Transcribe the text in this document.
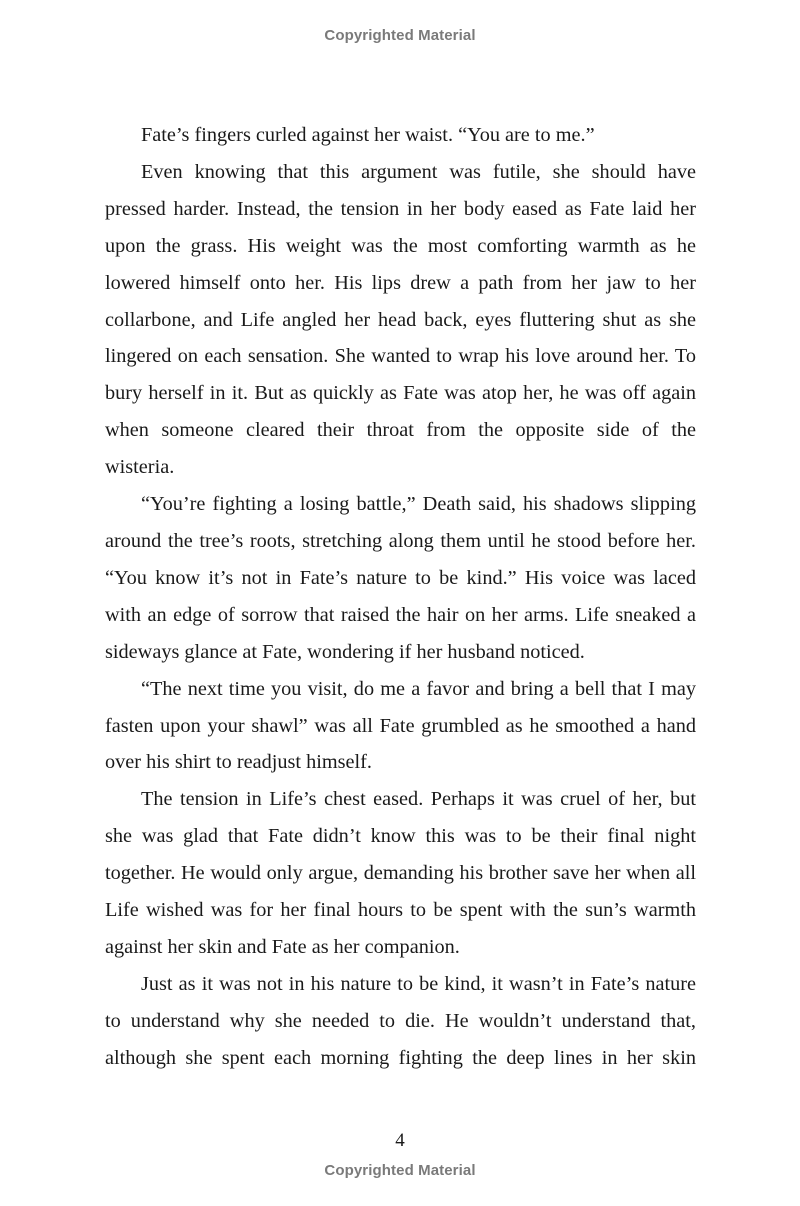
Copyrighted Material

Fate’s fingers curled against her waist. “You are to me.”

Even knowing that this argument was futile, she should have pressed harder. Instead, the tension in her body eased as Fate laid her upon the grass. His weight was the most comforting warmth as he lowered himself onto her. His lips drew a path from her jaw to her collarbone, and Life angled her head back, eyes fluttering shut as she lingered on each sensation. She wanted to wrap his love around her. To bury herself in it. But as quickly as Fate was atop her, he was off again when someone cleared their throat from the opposite side of the wisteria.

“You’re fighting a losing battle,” Death said, his shadows slipping around the tree’s roots, stretching along them until he stood before her. “You know it’s not in Fate’s nature to be kind.” His voice was laced with an edge of sorrow that raised the hair on her arms. Life sneaked a sideways glance at Fate, wondering if her husband noticed.

“The next time you visit, do me a favor and bring a bell that I may fasten upon your shawl” was all Fate grumbled as he smoothed a hand over his shirt to readjust himself.

The tension in Life’s chest eased. Perhaps it was cruel of her, but she was glad that Fate didn’t know this was to be their final night together. He would only argue, demanding his brother save her when all Life wished was for her final hours to be spent with the sun’s warmth against her skin and Fate as her companion.

Just as it was not in his nature to be kind, it wasn’t in Fate’s nature to understand why she needed to die. He wouldn’t understand that, although she spent each morning fighting the deep lines in her skin

4
Copyrighted Material
